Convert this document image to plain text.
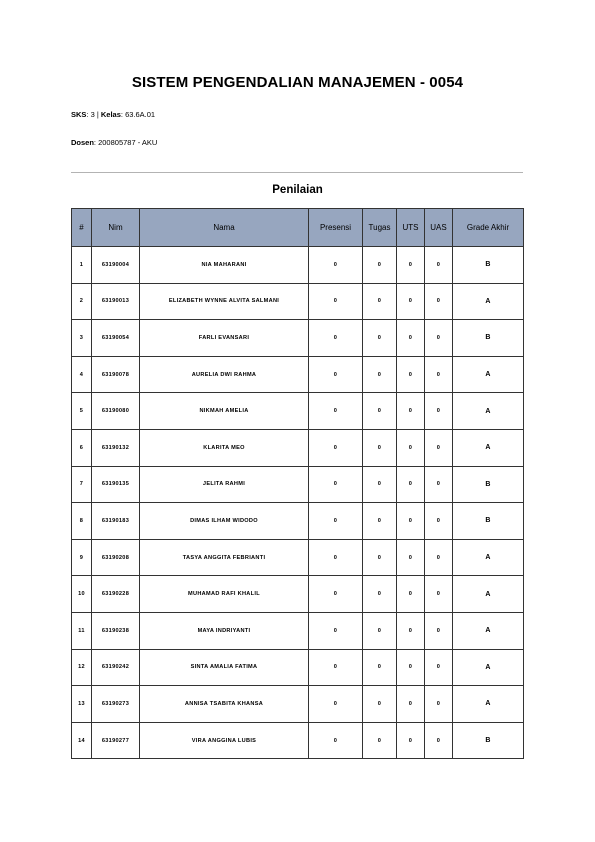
SISTEM PENGENDALIAN MANAJEMEN - 0054
SKS: 3 | Kelas: 63.6A.01
Dosen: 200805787 - AKU
Penilaian
#	Nim	Nama	Presensi	Tugas	UTS	UAS	Grade Akhir
1	63190004	NIA MAHARANI	0	0	0	0	B
2	63190013	ELIZABETH WYNNE ALVITA SALMANI	0	0	0	0	A
3	63190054	FARLI EVANSARI	0	0	0	0	B
4	63190078	AURELIA DWI RAHMA	0	0	0	0	A
5	63190080	NIKMAH AMELIA	0	0	0	0	A
6	63190132	KLARITA MEO	0	0	0	0	A
7	63190135	JELITA RAHMI	0	0	0	0	B
8	63190183	DIMAS ILHAM WIDODO	0	0	0	0	B
9	63190208	TASYA ANGGITA FEBRIANTI	0	0	0	0	A
10	63190228	MUHAMAD RAFI KHALIL	0	0	0	0	A
11	63190238	MAYA INDRIYANTI	0	0	0	0	A
12	63190242	SINTA AMALIA FATIMA	0	0	0	0	A
13	63190273	ANNISA TSABITA KHANSA	0	0	0	0	A
14	63190277	VIRA ANGGINA LUBIS	0	0	0	0	B
